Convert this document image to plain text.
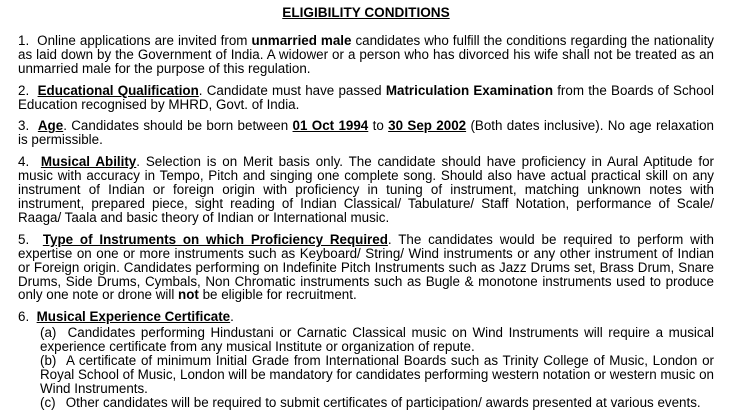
ELIGIBILITY CONDITIONS

1. Online applications are invited from unmarried male candidates who fulfill the conditions regarding the nationality as laid down by the Government of India. A widower or a person who has divorced his wife shall not be treated as an unmarried male for the purpose of this regulation.

2. Educational Qualification. Candidate must have passed Matriculation Examination from the Boards of School Education recognised by MHRD, Govt. of India.

3. Age. Candidates should be born between 01 Oct 1994 to 30 Sep 2002 (Both dates inclusive). No age relaxation is permissible.

4. Musical Ability. Selection is on Merit basis only. The candidate should have proficiency in Aural Aptitude for music with accuracy in Tempo, Pitch and singing one complete song. Should also have actual practical skill on any instrument of Indian or foreign origin with proficiency in tuning of instrument, matching unknown notes with instrument, prepared piece, sight reading of Indian Classical/ Tabulature/ Staff Notation, performance of Scale/ Raaga/ Taala and basic theory of Indian or International music.

5. Type of Instruments on which Proficiency Required. The candidates would be required to perform with expertise on one or more instruments such as Keyboard/ String/ Wind instruments or any other instrument of Indian or Foreign origin. Candidates performing on Indefinite Pitch Instruments such as Jazz Drums set, Brass Drum, Snare Drums, Side Drums, Cymbals, Non Chromatic instruments such as Bugle & monotone instruments used to produce only one note or drone will not be eligible for recruitment.

6. Musical Experience Certificate.

(a) Candidates performing Hindustani or Carnatic Classical music on Wind Instruments will require a musical experience certificate from any musical Institute or organization of repute.

(b) A certificate of minimum Initial Grade from International Boards such as Trinity College of Music, London or Royal School of Music, London will be mandatory for candidates performing western notation or western music on Wind Instruments.

(c) Other candidates will be required to submit certificates of participation/ awards presented at various events.
